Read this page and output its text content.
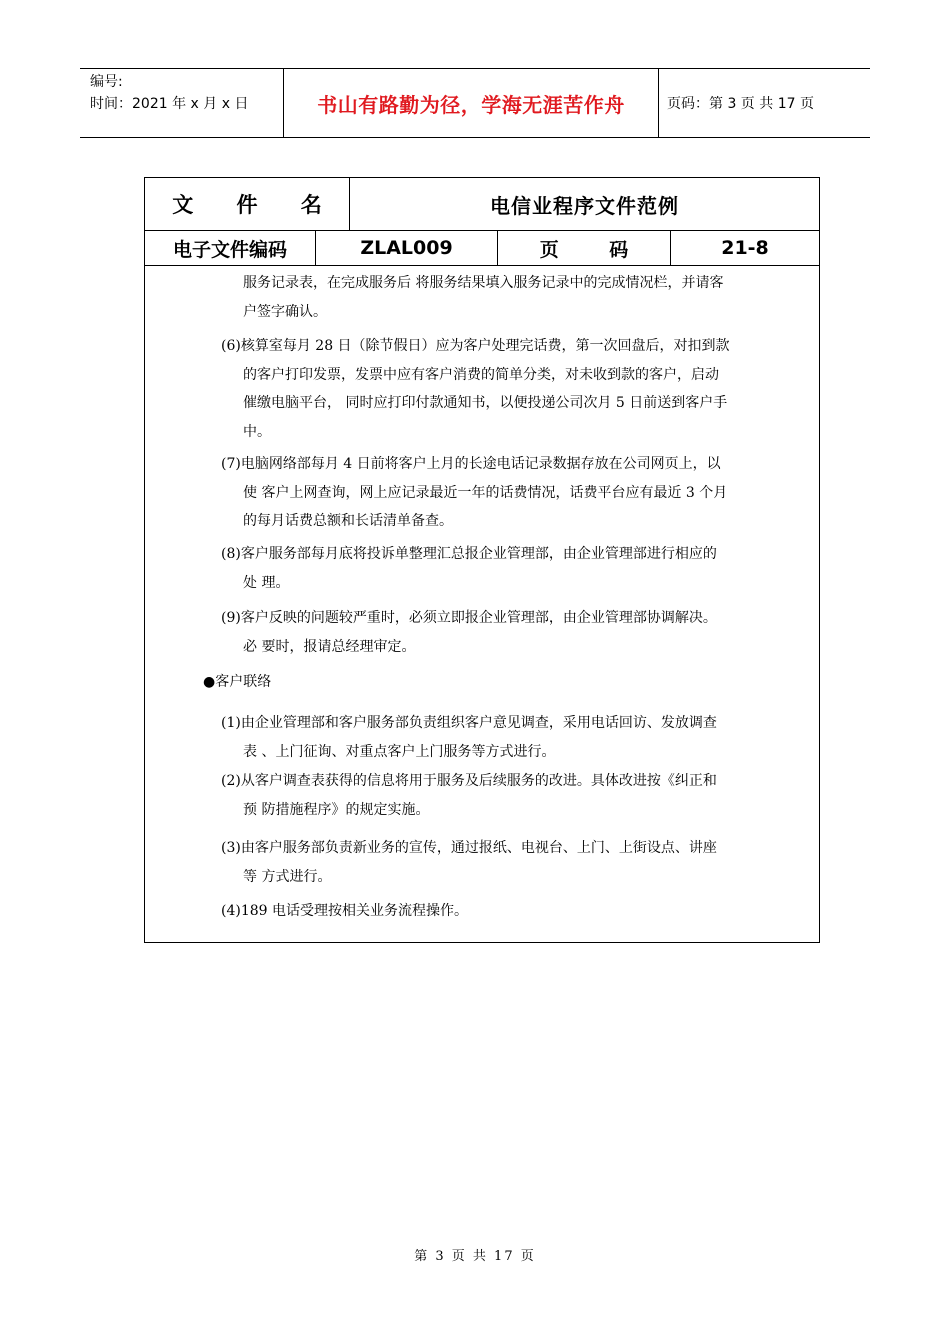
编号:
时间：2021 年 x 月 x 日	书山有路勤为径，学海无涯苦作舟	页码：第 3 页 共 17 页
文 件 名	电信业程序文件范例
电子文件编码	ZLAL009	页 码	21-8
服务记录表，在完成服务后 将服务结果填入服务记录中的完成情况栏，并请客
户签字确认。
(6)核算室每月 28 日（除节假日）应为客户处理完话费，第一次回盘后，对扣到款
的客户打印发票，发票中应有客户消费的简单分类，对未收到款的客户，启动
催缴电脑平台， 同时应打印付款通知书，以便投递公司次月 5 日前送到客户手
中。
(7)电脑网络部每月 4 日前将客户上月的长途电话记录数据存放在公司网页上，以
使 客户上网查询，网上应记录最近一年的话费情况，话费平台应有最近 3 个月
的每月话费总额和长话清单备查。
(8)客户服务部每月底将投诉单整理汇总报企业管理部，由企业管理部进行相应的
处 理。
(9)客户反映的问题较严重时，必须立即报企业管理部，由企业管理部协调解决。
必 要时，报请总经理审定。
●客户联络
(1)由企业管理部和客户服务部负责组织客户意见调查，采用电话回访、发放调查
表 、上门征询、对重点客户上门服务等方式进行。
(2)从客户调查表获得的信息将用于服务及后续服务的改进。具体改进按《纠正和
预 防措施程序》的规定实施。
(3)由客户服务部负责新业务的宣传，通过报纸、电视台、上门、上街设点、讲座
等 方式进行。
(4)189 电话受理按相关业务流程操作。
第 3 页 共 17 页
